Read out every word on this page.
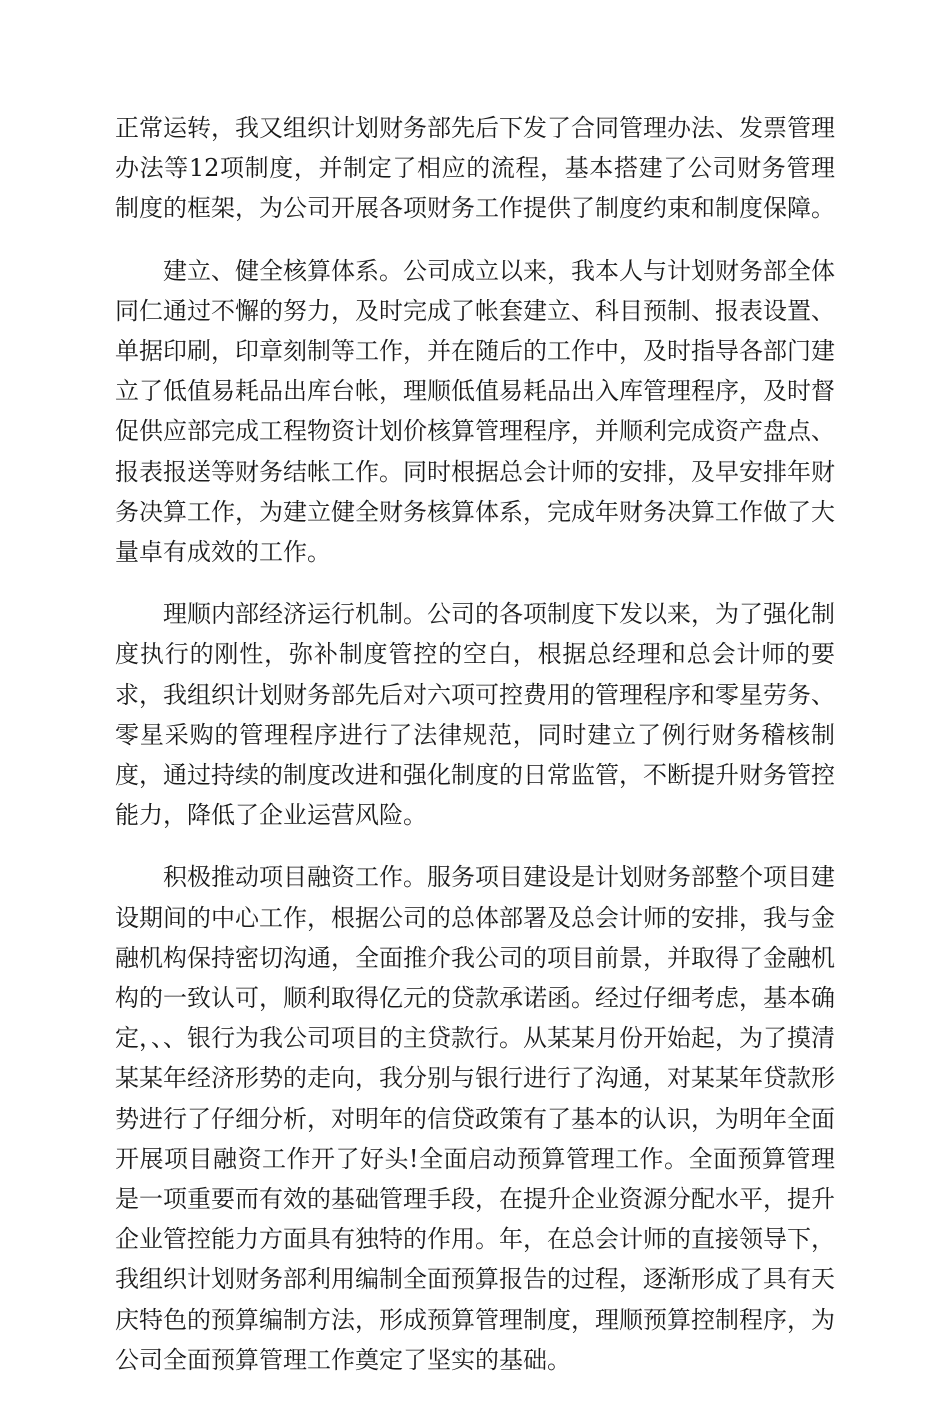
正常运转，我又组织计划财务部先后下发了合同管理办法、发票管理办法等12项制度，并制定了相应的流程，基本搭建了公司财务管理制度的框架，为公司开展各项财务工作提供了制度约束和制度保障。

建立、健全核算体系。公司成立以来，我本人与计划财务部全体同仁通过不懈的努力，及时完成了帐套建立、科目预制、报表设置、单据印刷，印章刻制等工作，并在随后的工作中，及时指导各部门建立了低值易耗品出库台帐，理顺低值易耗品出入库管理程序，及时督促供应部完成工程物资计划价核算管理程序，并顺利完成资产盘点、报表报送等财务结帐工作。同时根据总会计师的安排，及早安排年财务决算工作，为建立健全财务核算体系，完成年财务决算工作做了大量卓有成效的工作。

理顺内部经济运行机制。公司的各项制度下发以来，为了强化制度执行的刚性，弥补制度管控的空白，根据总经理和总会计师的要求，我组织计划财务部先后对六项可控费用的管理程序和零星劳务、零星采购的管理程序进行了法律规范，同时建立了例行财务稽核制度，通过持续的制度改进和强化制度的日常监管，不断提升财务管控能力，降低了企业运营风险。

积极推动项目融资工作。服务项目建设是计划财务部整个项目建设期间的中心工作，根据公司的总体部署及总会计师的安排，我与金融机构保持密切沟通，全面推介我公司的项目前景，并取得了金融机构的一致认可，顺利取得亿元的贷款承诺函。经过仔细考虑，基本确定，、、银行为我公司项目的主贷款行。从某某月份开始起，为了摸清某某年经济形势的走向，我分别与银行进行了沟通，对某某年贷款形势进行了仔细分析，对明年的信贷政策有了基本的认识，为明年全面开展项目融资工作开了好头!全面启动预算管理工作。全面预算管理是一项重要而有效的基础管理手段，在提升企业资源分配水平，提升企业管控能力方面具有独特的作用。年，在总会计师的直接领导下，我组织计划财务部利用编制全面预算报告的过程，逐渐形成了具有天庆特色的预算编制方法，形成预算管理制度，理顺预算控制程序，为公司全面预算管理工作奠定了坚实的基础。
